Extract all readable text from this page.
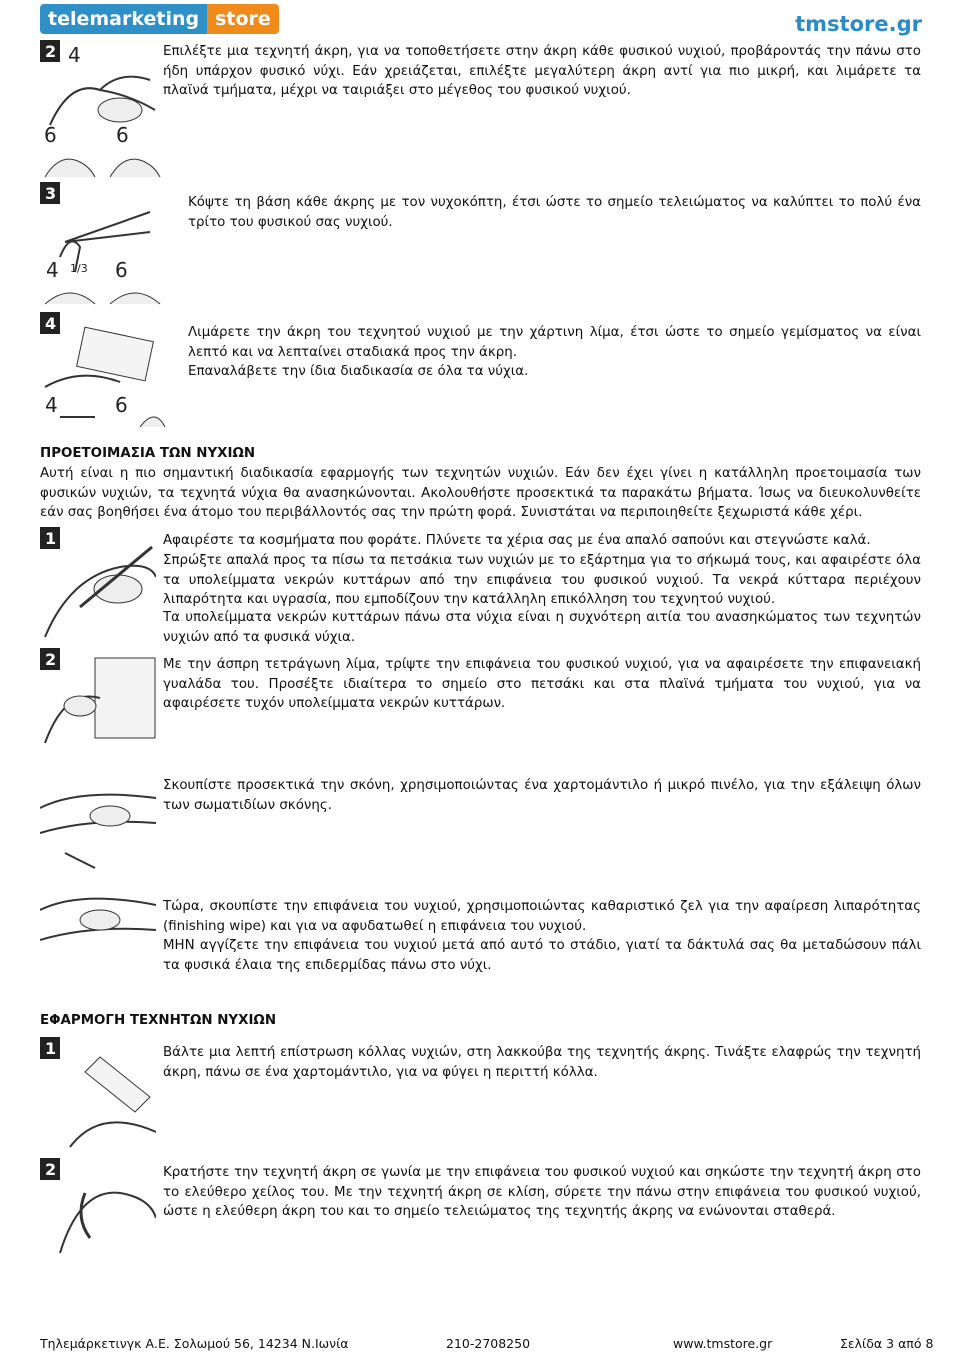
telemarketing store	tmstore.gr
2 4
6	6
Επιλέξτε μια τεχνητή άκρη, για να τοποθετήσετε στην άκρη κάθε φυσικού νυχιού, προβάροντάς την πάνω στο ήδη υπάρχον φυσικό νύχι. Εάν χρειάζεται, επιλέξτε μεγαλύτερη άκρη αντί για πιο μικρή, και λιμάρετε τα πλαϊνά τμήματα, μέχρι να ταιριάξει στο μέγεθος του φυσικού νυχιού.
3
4 1/3 6
Κόψτε τη βάση κάθε άκρης με τον νυχοκόπτη, έτσι ώστε το σημείο τελειώματος να καλύπτει το πολύ ένα τρίτο του φυσικού σας νυχιού.
4
4	6
Λιμάρετε την άκρη του τεχνητού νυχιού με την χάρτινη λίμα, έτσι ώστε το σημείο γεμίσματος να είναι λεπτό και να λεπταίνει σταδιακά προς την άκρη.
Επαναλάβετε την ίδια διαδικασία σε όλα τα νύχια.
ΠΡΟΕΤΟΙΜΑΣΙΑ ΤΩΝ ΝΥΧΙΩΝ
Αυτή είναι η πιο σημαντική διαδικασία εφαρμογής των τεχνητών νυχιών. Εάν δεν έχει γίνει η κατάλληλη προετοιμασία των φυσικών νυχιών, τα τεχνητά νύχια θα ανασηκώνονται. Ακολουθήστε προσεκτικά τα παρακάτω βήματα. Ίσως να διευκολυνθείτε εάν σας βοηθήσει ένα άτομο του περιβάλλοντός σας την πρώτη φορά. Συνιστάται να περιποιηθείτε ξεχωριστά κάθε χέρι.
1	Αφαιρέστε τα κοσμήματα που φοράτε. Πλύνετε τα χέρια σας με ένα απαλό σαπούνι και στεγνώστε καλά.
Σπρώξτε απαλά προς τα πίσω τα πετσάκια των νυχιών με το εξάρτημα για το σήκωμά τους, και αφαιρέστε όλα τα υπολείμματα νεκρών κυττάρων από την επιφάνεια του φυσικού νυχιού. Τα νεκρά κύτταρα περιέχουν λιπαρότητα και υγρασία, που εμποδίζουν την κατάλληλη επικόλληση του τεχνητού νυχιού.
Τα υπολείμματα νεκρών κυττάρων πάνω στα νύχια είναι η συχνότερη αιτία του ανασηκώματος των τεχνητών νυχιών από τα φυσικά νύχια.
2	Με την άσπρη τετράγωνη λίμα, τρίψτε την επιφάνεια του φυσικού νυχιού, για να αφαιρέσετε την επιφανειακή γυαλάδα του. Προσέξτε ιδιαίτερα το σημείο στο πετσάκι και στα πλαϊνά τμήματα του νυχιού, για να αφαιρέσετε τυχόν υπολείμματα νεκρών κυττάρων.
Σκουπίστε προσεκτικά την σκόνη, χρησιμοποιώντας ένα χαρτομάντιλο ή μικρό πινέλο, για την εξάλειψη όλων των σωματιδίων σκόνης.
Τώρα, σκουπίστε την επιφάνεια του νυχιού, χρησιμοποιώντας καθαριστικό ζελ για την αφαίρεση λιπαρότητας (finishing wipe) και για να αφυδατωθεί η επιφάνεια του νυχιού.
ΜΗΝ αγγίζετε την επιφάνεια του νυχιού μετά από αυτό το στάδιο, γιατί τα δάκτυλά σας θα μεταδώσουν πάλι τα φυσικά έλαια της επιδερμίδας πάνω στο νύχι.
ΕΦΑΡΜΟΓΗ ΤΕΧΝΗΤΩΝ ΝΥΧΙΩΝ
1	Βάλτε μια λεπτή επίστρωση κόλλας νυχιών, στη λακκούβα της τεχνητής άκρης. Τινάξτε ελαφρώς την τεχνητή άκρη, πάνω σε ένα χαρτομάντιλο, για να φύγει η περιττή κόλλα.
2	Κρατήστε την τεχνητή άκρη σε γωνία με την επιφάνεια του φυσικού νυχιού και σηκώστε την τεχνητή άκρη στο το ελεύθερο χείλος του. Με την τεχνητή άκρη σε κλίση, σύρετε την πάνω στην επιφάνεια του φυσικού νυχιού, ώστε η ελεύθερη άκρη του και το σημείο τελειώματος της τεχνητής άκρης να ενώνονται σταθερά.
Τηλεμάρκετινγκ Α.Ε. Σολωμού 56, 14234 Ν.Ιωνία	210-2708250	www.tmstore.gr	Σελίδα 3 από 8
